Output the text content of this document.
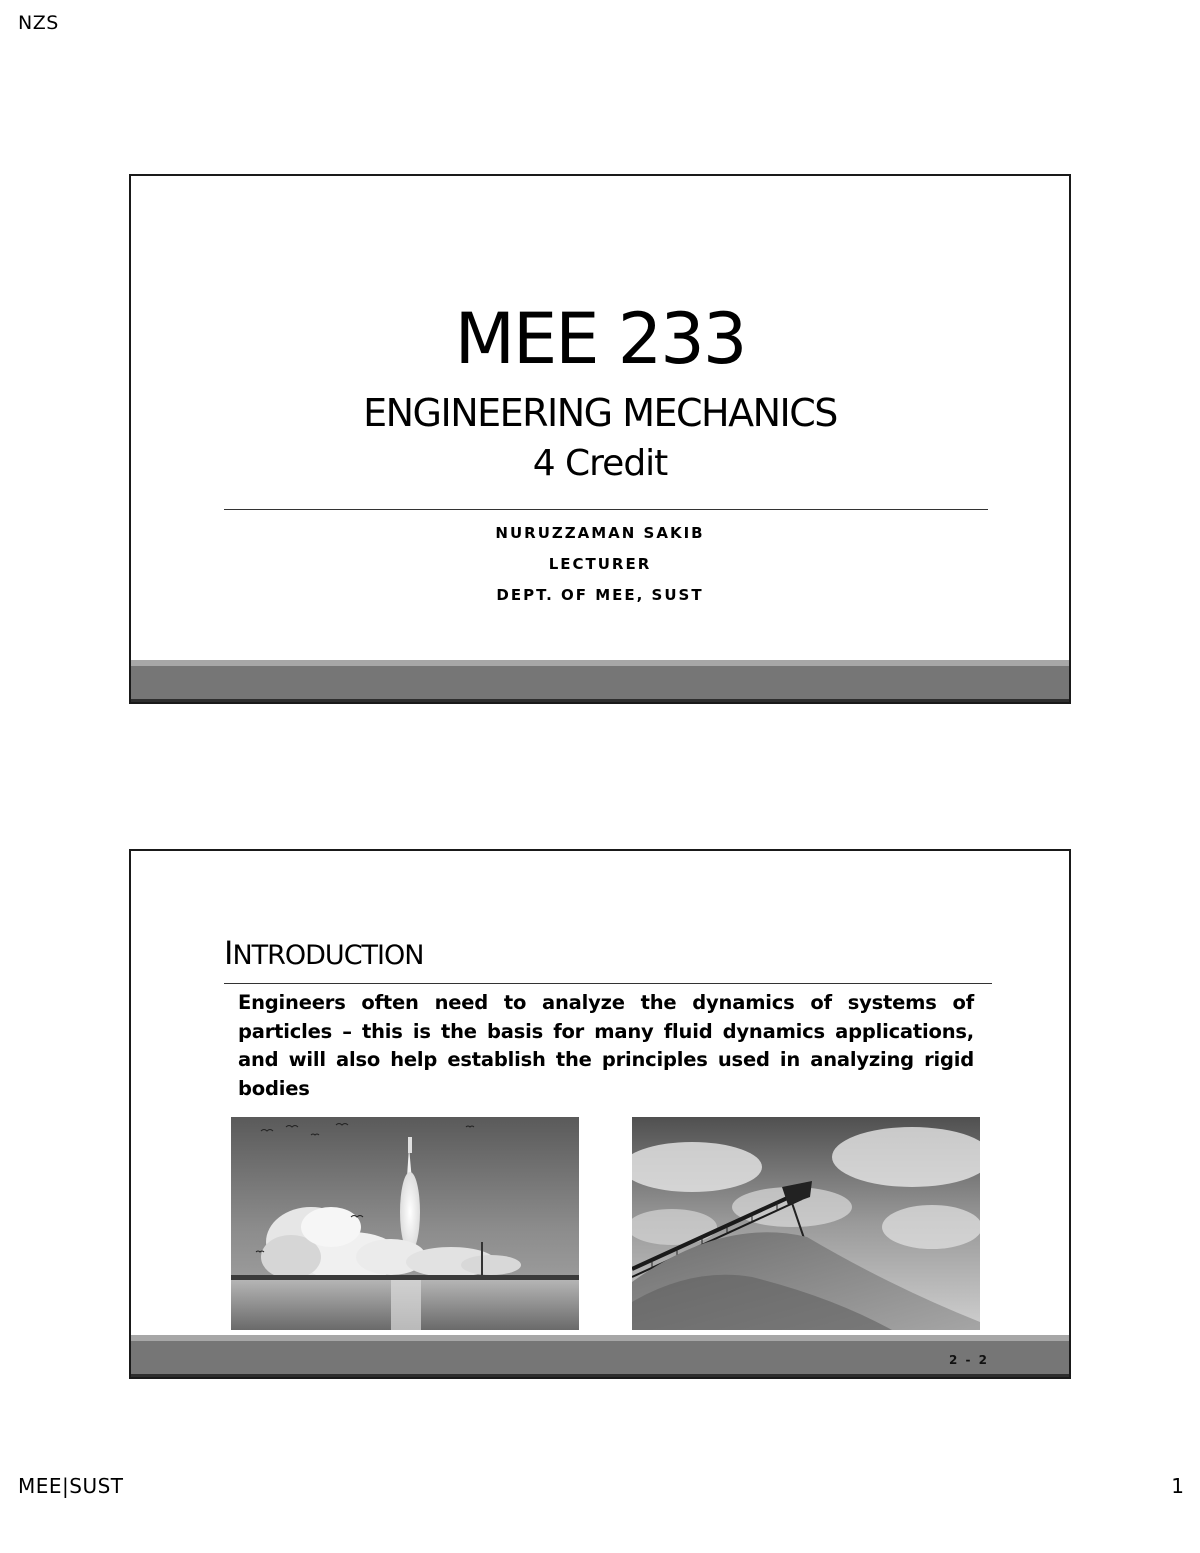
NZS
MEE 233
ENGINEERING MECHANICS
4 Credit
NURUZZAMAN SAKIB
LECTURER
DEPT. OF MEE, SUST
INTRODUCTION
Engineers often need to analyze the dynamics of systems of particles – this is the basis for many fluid dynamics applications, and will also help establish the principles used in analyzing rigid bodies
2 - 2
MEE|SUST	1
